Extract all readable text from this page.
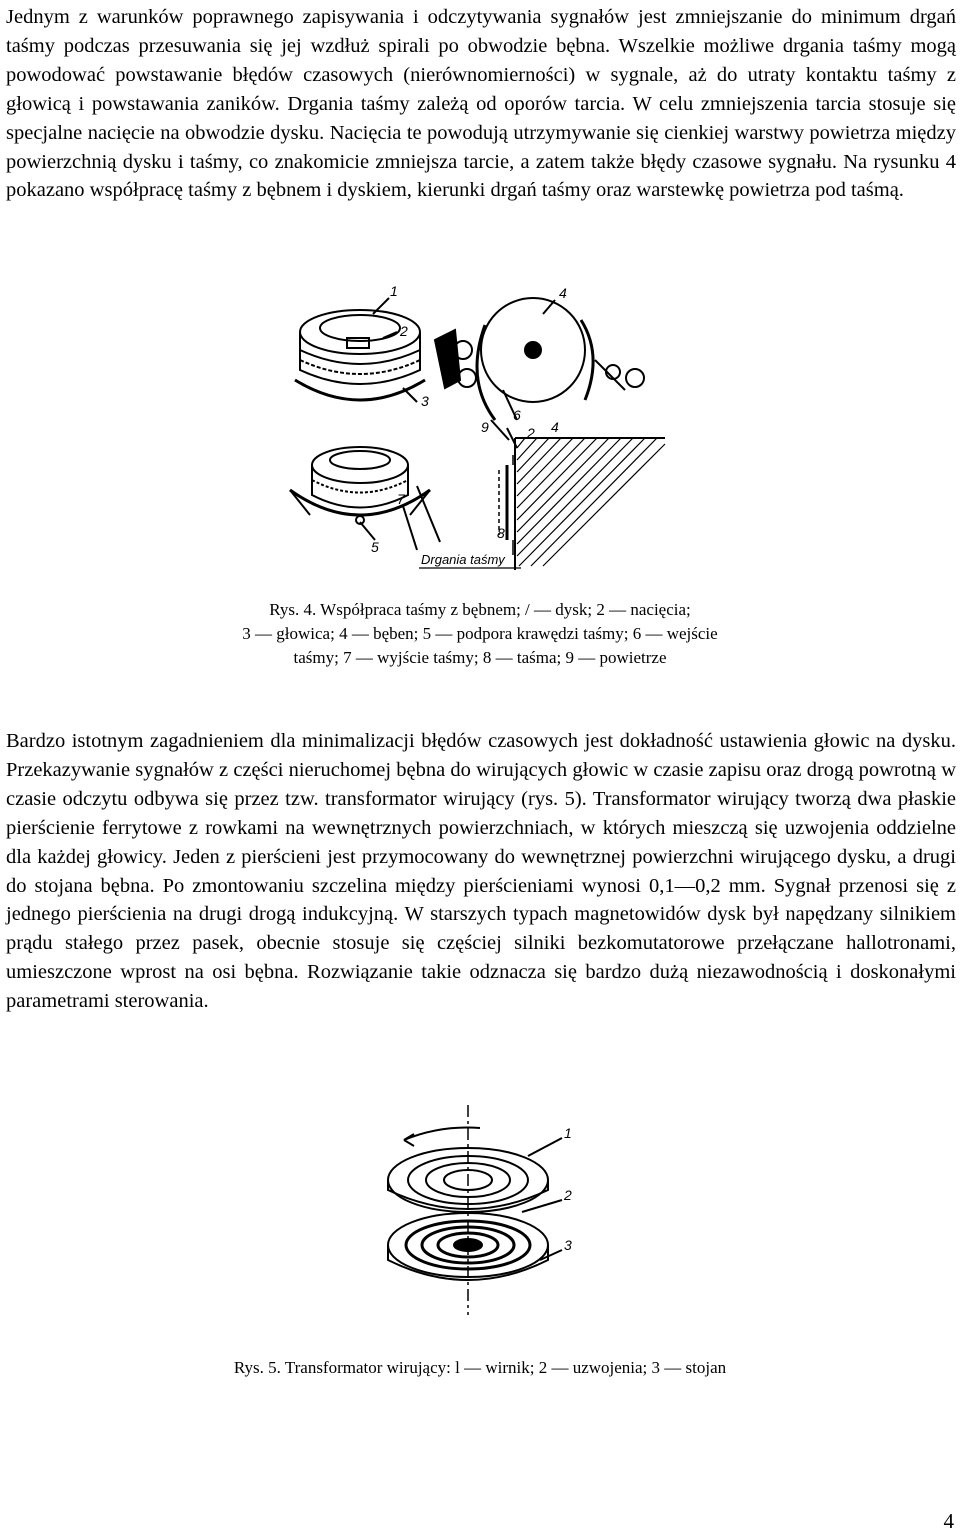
Jednym z warunków poprawnego zapisywania i odczytywania sygnałów jest zmniejszanie do minimum drgań taśmy podczas przesuwania się jej wzdłuż spirali po obwodzie bębna. Wszelkie możliwe drgania taśmy mogą powodować powstawanie błędów czasowych (nierównomierności) w sygnale, aż do utraty kontaktu taśmy z głowicą i powstawania zaników. Drgania taśmy zależą od oporów tarcia. W celu zmniejszenia tarcia stosuje się specjalne nacięcie na obwodzie dysku. Nacięcia te powodują utrzymywanie się cienkiej warstwy powietrza między powierzchnią dysku i taśmy, co znakomicie zmniejsza tarcie, a zatem także błędy czasowe sygnału. Na rysunku 4 pokazano współpracę taśmy z bębnem i dyskiem, kierunki drgań taśmy oraz warstewkę powietrza pod taśmą.

1
2
3
4
5
6
7
8
9	2 4
Drgania taśmy
Rys. 4. Współpraca taśmy z bębnem; / — dysk; 2 — nacięcia;
3 — głowica; 4 — bęben; 5 — podpora krawędzi taśmy; 6 — wejście
taśmy; 7 — wyjście taśmy; 8 — taśma; 9 — powietrze

Bardzo istotnym zagadnieniem dla minimalizacji błędów czasowych jest dokładność ustawienia głowic na dysku. Przekazywanie sygnałów z części nieruchomej bębna do wirujących głowic w czasie zapisu oraz drogą powrotną w czasie odczytu odbywa się przez tzw. transformator wirujący (rys. 5). Transformator wirujący tworzą dwa płaskie pierścienie ferrytowe z rowkami na wewnętrznych powierzchniach, w których mieszczą się uzwojenia oddzielne dla każdej głowicy. Jeden z pierścieni jest przymocowany do wewnętrznej powierzchni wirującego dysku, a drugi do stojana bębna. Po zmontowaniu szczelina między pierścieniami wynosi 0,1—0,2 mm. Sygnał przenosi się z jednego pierścienia na drugi drogą indukcyjną. W starszych typach magnetowidów dysk był napędzany silnikiem prądu stałego przez pasek, obecnie stosuje się częściej silniki bezkomutatorowe przełączane hallotronami, umieszczone wprost na osi bębna. Rozwiązanie takie odznacza się bardzo dużą niezawodnością i doskonałymi parametrami sterowania.

1
2
3

Rys. 5. Transformator wirujący: l — wirnik; 2 — uzwojenia; 3 — stojan

4
